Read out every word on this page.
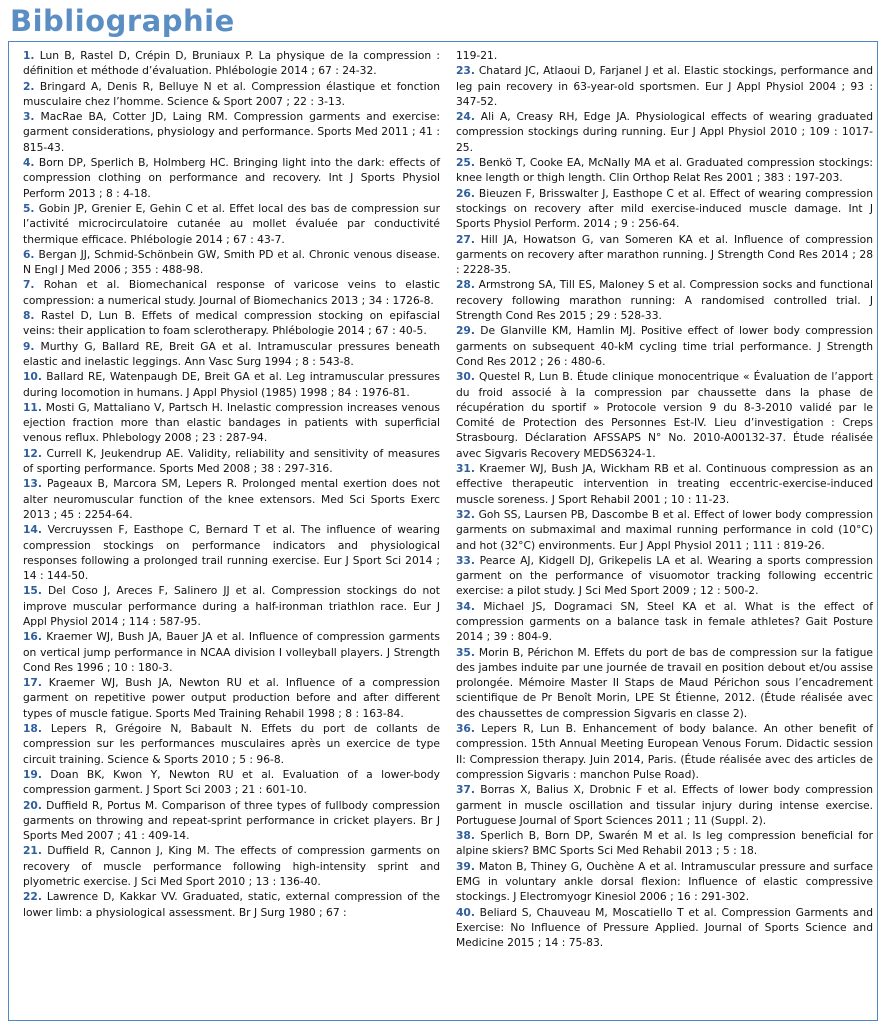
Bibliographie

1. Lun B, Rastel D, Crépin D, Bruniaux P. La physique de la compression : définition et méthode d’évaluation. Phlébologie 2014 ; 67 : 24-32.

2. Bringard A, Denis R, Belluye N et al. Compression élastique et fonction musculaire chez l’homme. Science & Sport 2007 ; 22 : 3-13.

3. MacRae BA, Cotter JD, Laing RM. Compression garments and exercise: garment considerations, physiology and performance. Sports Med 2011 ; 41 : 815-43.

4. Born DP, Sperlich B, Holmberg HC. Bringing light into the dark: effects of compression clothing on performance and recovery. Int J Sports Physiol Perform 2013 ; 8 : 4-18.

5. Gobin JP, Grenier E, Gehin C et al. Effet local des bas de compression sur l’activité microcirculatoire cutanée au mollet évaluée par conductivité thermique efficace. Phlébologie 2014 ; 67 : 43-7.

6. Bergan JJ, Schmid-Schönbein GW, Smith PD et al. Chronic venous disease. N Engl J Med 2006 ; 355 : 488-98.

7. Rohan et al. Biomechanical response of varicose veins to elastic compression: a numerical study. Journal of Biomechanics 2013 ; 34 : 1726-8.

8. Rastel D, Lun B. Effets of medical compression stocking on epifascial veins: their application to foam sclerotherapy. Phlébologie 2014 ; 67 : 40-5.

9. Murthy G, Ballard RE, Breit GA et al. Intramuscular pressures beneath elastic and inelastic leggings. Ann Vasc Surg 1994 ; 8 : 543-8.

10. Ballard RE, Watenpaugh DE, Breit GA et al. Leg intramuscular pressures during locomotion in humans. J Appl Physiol (1985) 1998 ; 84 : 1976-81.

11. Mosti G, Mattaliano V, Partsch H. Inelastic compression increases venous ejection fraction more than elastic bandages in patients with superficial venous reflux. Phlebology 2008 ; 23 : 287-94.

12. Currell K, Jeukendrup AE. Validity, reliability and sensitivity of measures of sporting performance. Sports Med 2008 ; 38 : 297-316.

13. Pageaux B, Marcora SM, Lepers R. Prolonged mental exertion does not alter neuromuscular function of the knee extensors. Med Sci Sports Exerc 2013 ; 45 : 2254-64.

14. Vercruyssen F, Easthope C, Bernard T et al. The influence of wearing compression stockings on performance indicators and physiological responses following a prolonged trail running exercise. Eur J Sport Sci 2014 ; 14 : 144-50.

15. Del Coso J, Areces F, Salinero JJ et al. Compression stockings do not improve muscular performance during a half-ironman triathlon race. Eur J Appl Physiol 2014 ; 114 : 587-95.

16. Kraemer WJ, Bush JA, Bauer JA et al. Influence of compression garments on vertical jump performance in NCAA division I volleyball players. J Strength Cond Res 1996 ; 10 : 180-3.

17. Kraemer WJ, Bush JA, Newton RU et al. Influence of a compression garment on repetitive power output production before and after different types of muscle fatigue. Sports Med Training Rehabil 1998 ; 8 : 163-84.

18. Lepers R, Grégoire N, Babault N. Effets du port de collants de compression sur les performances musculaires après un exercice de type circuit training. Science & Sports 2010 ; 5 : 96-8.

19. Doan BK, Kwon Y, Newton RU et al. Evaluation of a lower-body compression garment. J Sport Sci 2003 ; 21 : 601-10.

20. Duffield R, Portus M. Comparison of three types of fullbody compression garments on throwing and repeat-sprint performance in cricket players. Br J Sports Med 2007 ; 41 : 409-14.

21. Duffield R, Cannon J, King M. The effects of compression garments on recovery of muscle performance following high-intensity sprint and plyometric exercise. J Sci Med Sport 2010 ; 13 : 136-40.

22. Lawrence D, Kakkar VV. Graduated, static, external compression of the lower limb: a physiological assessment. Br J Surg 1980 ; 67 :

119-21.

23. Chatard JC, Atlaoui D, Farjanel J et al. Elastic stockings, performance and leg pain recovery in 63-year-old sportsmen. Eur J Appl Physiol 2004 ; 93 : 347-52.

24. Ali A, Creasy RH, Edge JA. Physiological effects of wearing graduated compression stockings during running. Eur J Appl Physiol 2010 ; 109 : 1017-25.

25. Benkö T, Cooke EA, McNally MA et al. Graduated compression stockings: knee length or thigh length. Clin Orthop Relat Res 2001 ; 383 : 197-203.

26. Bieuzen F, Brisswalter J, Easthope C et al. Effect of wearing compression stockings on recovery after mild exercise-induced muscle damage. Int J Sports Physiol Perform. 2014 ; 9 : 256-64.

27. Hill JA, Howatson G, van Someren KA et al. Influence of compression garments on recovery after marathon running. J Strength Cond Res 2014 ; 28 : 2228-35.

28. Armstrong SA, Till ES, Maloney S et al. Compression socks and functional recovery following marathon running: A randomised controlled trial. J Strength Cond Res 2015 ; 29 : 528-33.

29. De Glanville KM, Hamlin MJ. Positive effect of lower body compression garments on subsequent 40-kM cycling time trial performance. J Strength Cond Res 2012 ; 26 : 480-6.

30. Questel R, Lun B. Étude clinique monocentrique « Évaluation de l’apport du froid associé à la compression par chaussette dans la phase de récupération du sportif » Protocole version 9 du 8-3-2010 validé par le Comité de Protection des Personnes Est-IV. Lieu d’investigation : Creps Strasbourg. Déclaration AFSSAPS N° No. 2010-A00132-37. Étude réalisée avec Sigvaris Recovery MEDS6324-1.

31. Kraemer WJ, Bush JA, Wickham RB et al. Continuous compression as an effective therapeutic intervention in treating eccentric-exercise-induced muscle soreness. J Sport Rehabil 2001 ; 10 : 11-23.

32. Goh SS, Laursen PB, Dascombe B et al. Effect of lower body compression garments on submaximal and maximal running performance in cold (10°C) and hot (32°C) environments. Eur J Appl Physiol 2011 ; 111 : 819-26.

33. Pearce AJ, Kidgell DJ, Grikepelis LA et al. Wearing a sports compression garment on the performance of visuomotor tracking following eccentric exercise: a pilot study. J Sci Med Sport 2009 ; 12 : 500-2.

34. Michael JS, Dogramaci SN, Steel KA et al. What is the effect of compression garments on a balance task in female athletes? Gait Posture 2014 ; 39 : 804-9.

35. Morin B, Périchon M. Effets du port de bas de compression sur la fatigue des jambes induite par une journée de travail en position debout et/ou assise prolongée. Mémoire Master II Staps de Maud Périchon sous l’encadrement scientifique de Pr Benoît Morin, LPE St Étienne, 2012. (Étude réalisée avec des chaussettes de compression Sigvaris en classe 2).

36. Lepers R, Lun B. Enhancement of body balance. An other benefit of compression. 15th Annual Meeting European Venous Forum. Didactic session II: Compression therapy. Juin 2014, Paris. (Étude réalisée avec des articles de compression Sigvaris : manchon Pulse Road).

37. Borras X, Balius X, Drobnic F et al. Effects of lower body compression garment in muscle oscillation and tissular injury during intense exercise. Portuguese Journal of Sport Sciences 2011 ; 11 (Suppl. 2).

38. Sperlich B, Born DP, Swarén M et al. Is leg compression beneficial for alpine skiers? BMC Sports Sci Med Rehabil 2013 ; 5 : 18.

39. Maton B, Thiney G, Ouchène A et al. Intramuscular pressure and surface EMG in voluntary ankle dorsal flexion: Influence of elastic compressive stockings. J Electromyogr Kinesiol 2006 ; 16 : 291-302.

40. Beliard S, Chauveau M, Moscatiello T et al. Compression Garments and Exercise: No Influence of Pressure Applied. Journal of Sports Science and Medicine 2015 ; 14 : 75-83.
